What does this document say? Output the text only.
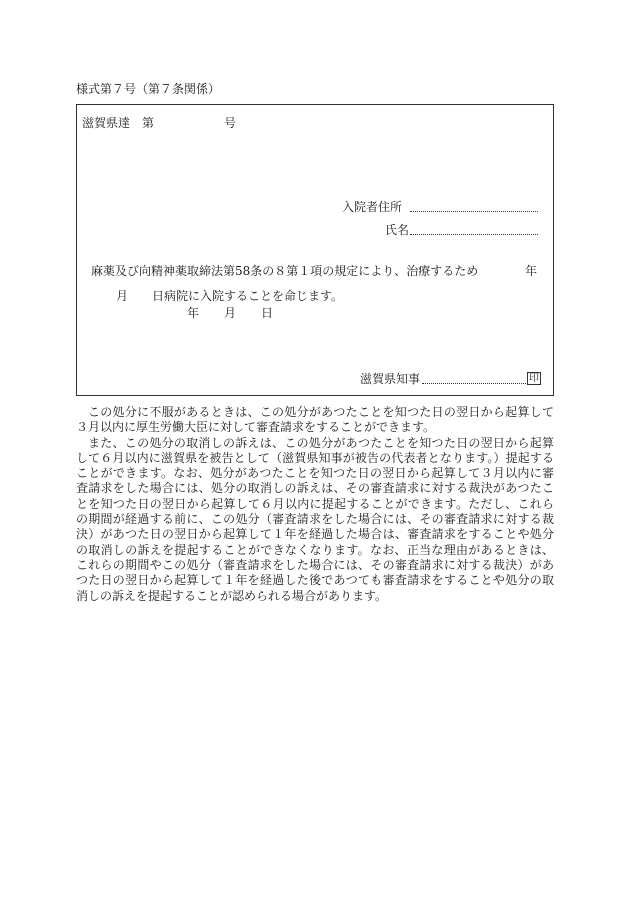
様式第７号（第７条関係）
滋賀県達　第	号
入院者住所
氏名
麻薬及び向精神薬取締法第58条の８第１項の規定により、治療するため	年
月 日病院に入院することを命じます。
年 月 日
滋賀県知事	印

この処分に不服があるときは、この処分があつたことを知つた日の翌日から起算して３月以内に厚生労働大臣に対して審査請求をすることができます。

また、この処分の取消しの訴えは、この処分があつたことを知つた日の翌日から起算して６月以内に滋賀県を被告として（滋賀県知事が被告の代表者となります。）提起することができます。なお、処分があつたことを知つた日の翌日から起算して３月以内に審査請求をした場合には、処分の取消しの訴えは、その審査請求に対する裁決があつたことを知つた日の翌日から起算して６月以内に提起することができます。ただし、これらの期間が経過する前に、この処分（審査請求をした場合には、その審査請求に対する裁決）があつた日の翌日から起算して１年を経過した場合は、審査請求をすることや処分の取消しの訴えを提起することができなくなります。なお、正当な理由があるときは、これらの期間やこの処分（審査請求をした場合には、その審査請求に対する裁決）があつた日の翌日から起算して１年を経過した後であつても審査請求をすることや処分の取消しの訴えを提起することが認められる場合があります。
